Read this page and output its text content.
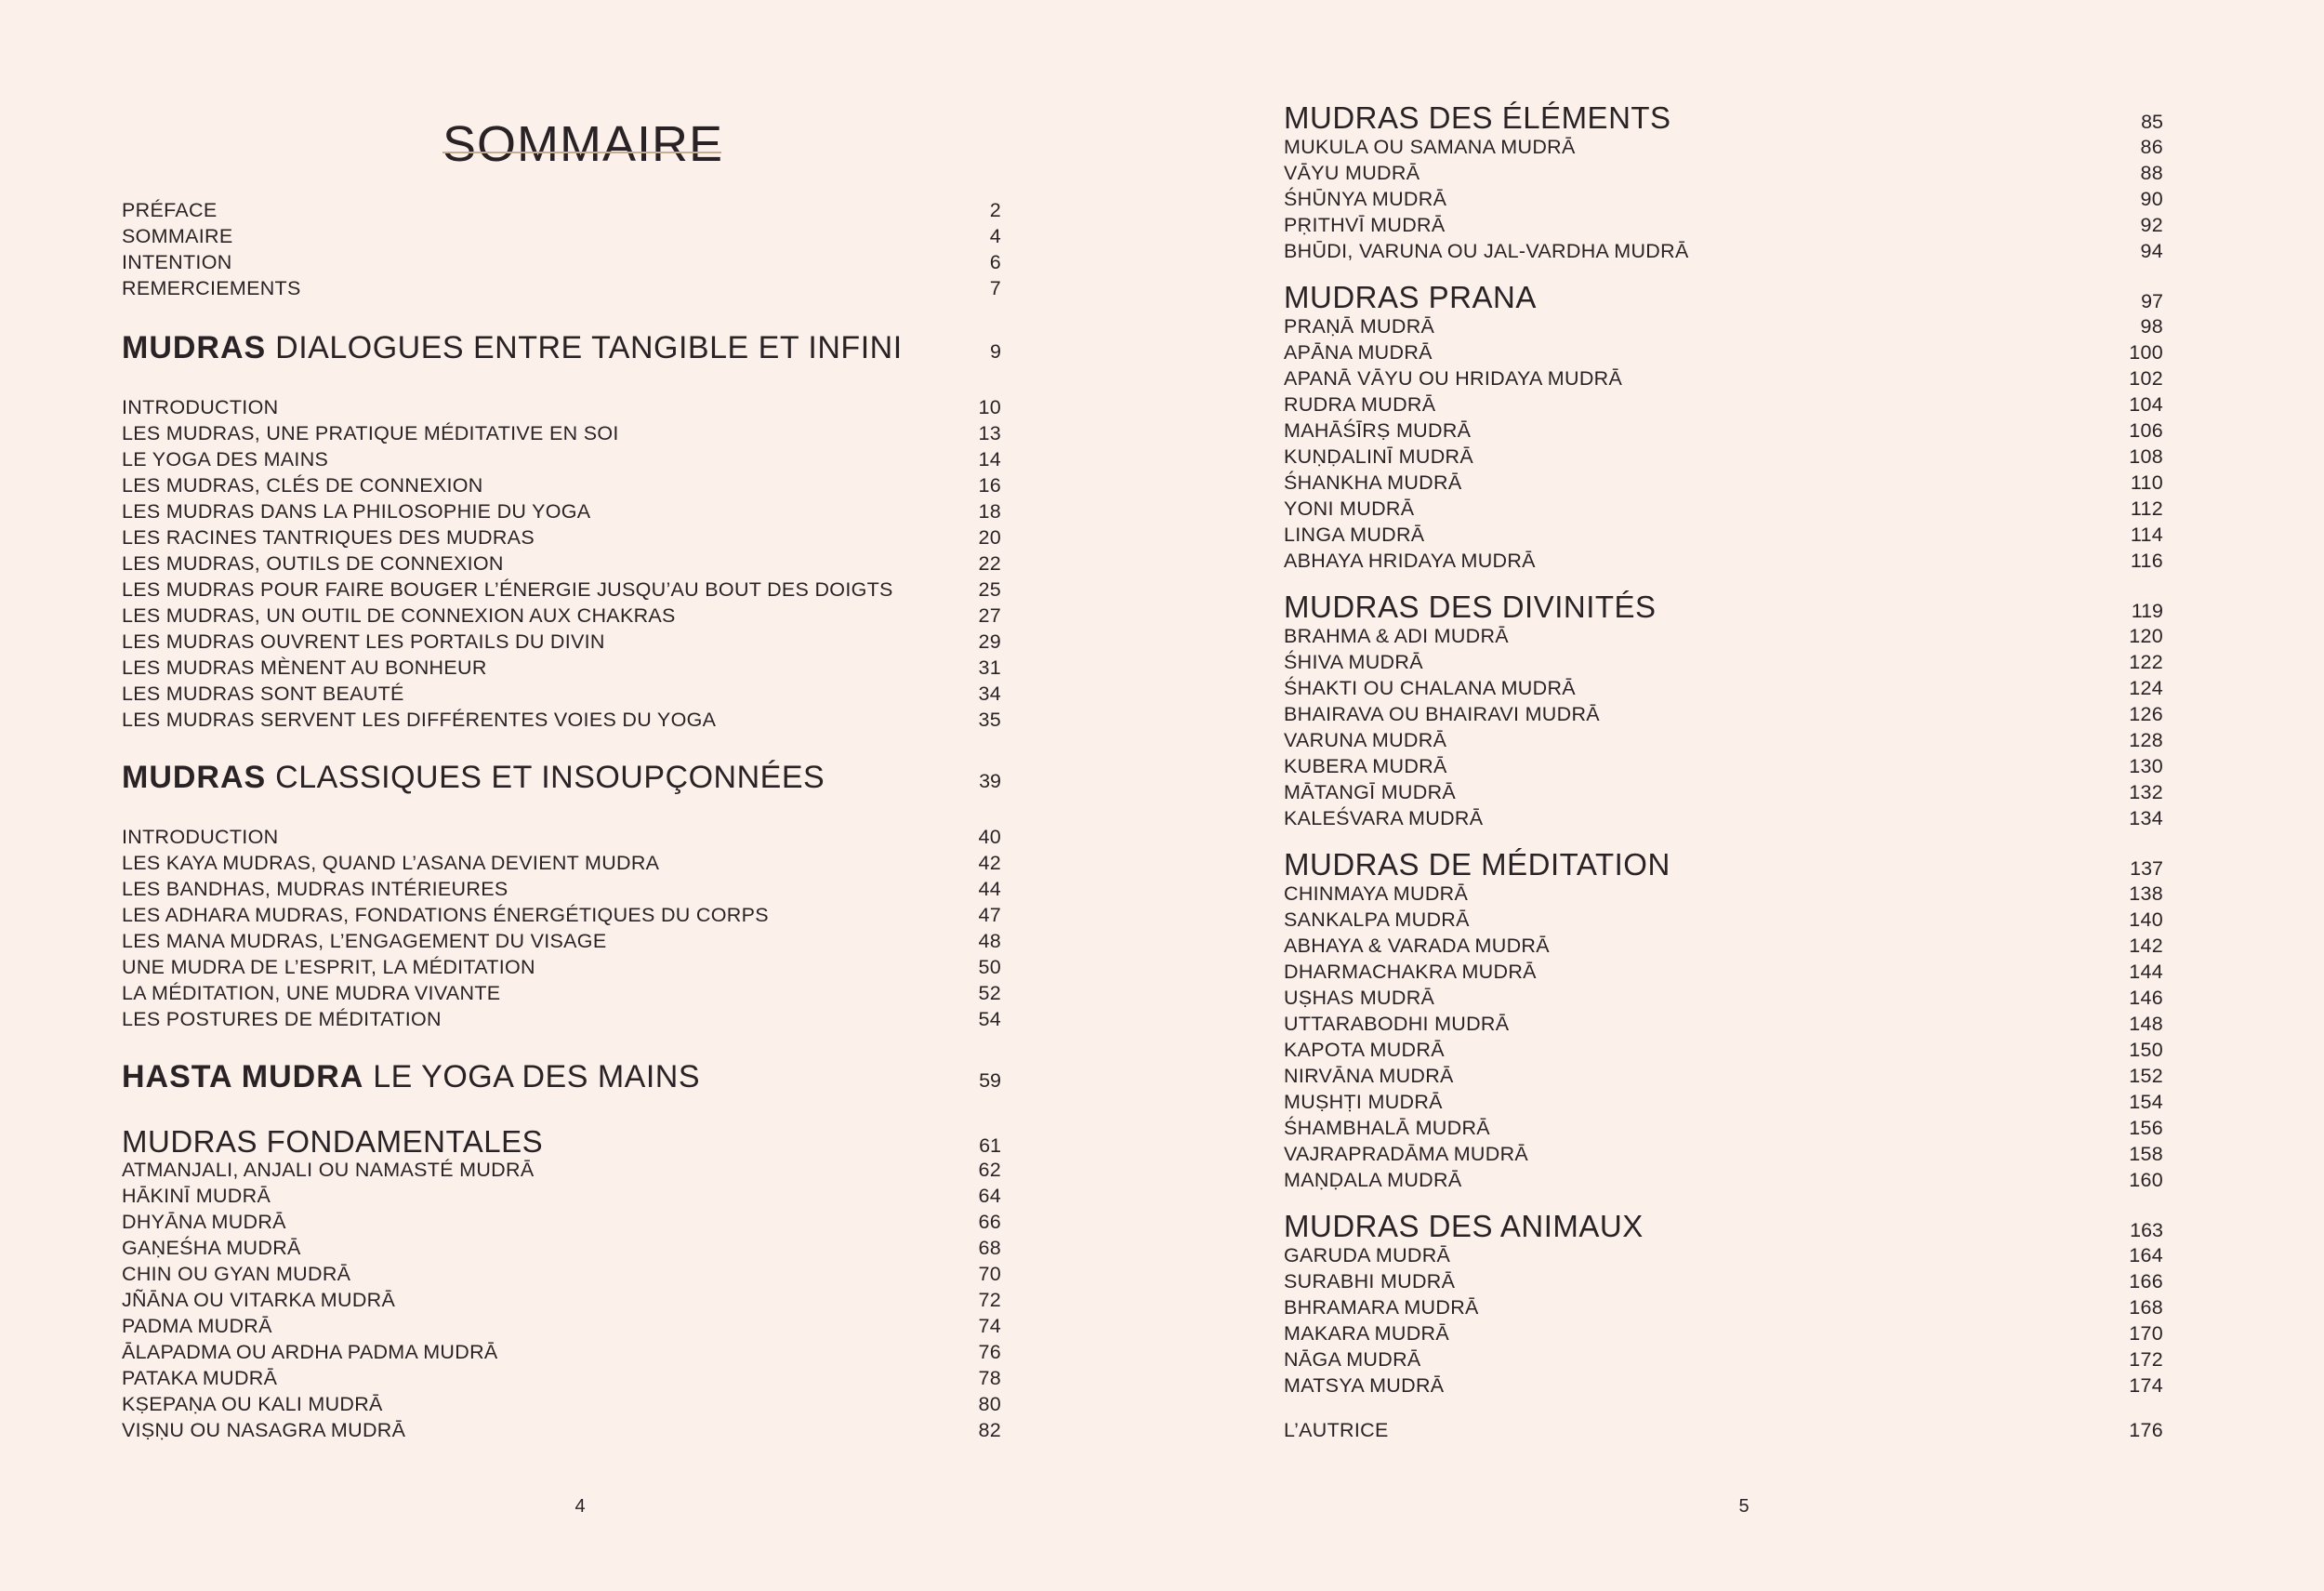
SOMMAIRE
PRÉFACE	2
SOMMAIRE	4
INTENTION	6
REMERCIEMENTS	7
MUDRAS DIALOGUES ENTRE TANGIBLE ET INFINI	9
INTRODUCTION	10
LES MUDRAS, UNE PRATIQUE MÉDITATIVE EN SOI	13
LE YOGA DES MAINS	14
LES MUDRAS, CLÉS DE CONNEXION	16
LES MUDRAS DANS LA PHILOSOPHIE DU YOGA	18
LES RACINES TANTRIQUES DES MUDRAS	20
LES MUDRAS, OUTILS DE CONNEXION	22
LES MUDRAS POUR FAIRE BOUGER L’ÉNERGIE JUSQU’AU BOUT DES DOIGTS	25
LES MUDRAS, UN OUTIL DE CONNEXION AUX CHAKRAS	27
LES MUDRAS OUVRENT LES PORTAILS DU DIVIN	29
LES MUDRAS MÈNENT AU BONHEUR	31
LES MUDRAS SONT BEAUTÉ	34
LES MUDRAS SERVENT LES DIFFÉRENTES VOIES DU YOGA	35
MUDRAS CLASSIQUES ET INSOUPÇONNÉES	39
INTRODUCTION	40
LES KAYA MUDRAS, QUAND L’ASANA DEVIENT MUDRA	42
LES BANDHAS, MUDRAS INTÉRIEURES	44
LES ADHARA MUDRAS, FONDATIONS ÉNERGÉTIQUES DU CORPS	47
LES MANA MUDRAS, L’ENGAGEMENT DU VISAGE	48
UNE MUDRA DE L’ESPRIT, LA MÉDITATION	50
LA MÉDITATION, UNE MUDRA VIVANTE	52
LES POSTURES DE MÉDITATION	54
HASTA MUDRA LE YOGA DES MAINS	59
MUDRAS FONDAMENTALES	61
ATMANJALI, ANJALI OU NAMASTÉ MUDRĀ	62
HĀKINĪ MUDRĀ	64
DHYĀNA MUDRĀ	66
GAṆEŚHA MUDRĀ	68
CHIN OU GYAN MUDRĀ	70
JÑĀNA OU VITARKA MUDRĀ	72
PADMA MUDRĀ	74
ĀLAPADMA OU ARDHA PADMA MUDRĀ	76
PATAKA MUDRĀ	78
KṢEPAṆA OU KALI MUDRĀ	80
VIṢṆU OU NASAGRA MUDRĀ	82
4
MUDRAS DES ÉLÉMENTS	85
MUKULA OU SAMANA MUDRĀ	86
VĀYU MUDRĀ	88
ŚHŪNYA MUDRĀ	90
PṚITHVĪ MUDRĀ	92
BHŪDI, VARUNA OU JAL-VARDHA MUDRĀ	94
MUDRAS PRANA	97
PRAṆĀ MUDRĀ	98
APĀNA MUDRĀ	100
APANĀ VĀYU OU HRIDAYA MUDRĀ	102
RUDRA MUDRĀ	104
MAHĀŚĪRṢ MUDRĀ	106
KUṆḌALINĪ MUDRĀ	108
ŚHANKHA MUDRĀ	110
YONI MUDRĀ	112
LINGA MUDRĀ	114
ABHAYA HRIDAYA MUDRĀ	116
MUDRAS DES DIVINITÉS	119
BRAHMA & ADI MUDRĀ	120
ŚHIVA MUDRĀ	122
ŚHAKTI OU CHALANA MUDRĀ	124
BHAIRAVA OU BHAIRAVI MUDRĀ	126
VARUNA MUDRĀ	128
KUBERA MUDRĀ	130
MĀTANGĪ MUDRĀ	132
KALEŚVARA MUDRĀ	134
MUDRAS DE MÉDITATION	137
CHINMAYA MUDRĀ	138
SANKALPA MUDRĀ	140
ABHAYA & VARADA MUDRĀ	142
DHARMACHAKRA MUDRĀ	144
UṢHAS MUDRĀ	146
UTTARABODHI MUDRĀ	148
KAPOTA MUDRĀ	150
NIRVĀNA MUDRĀ	152
MUṢHṬI MUDRĀ	154
ŚHAMBHALĀ MUDRĀ	156
VAJRAPRADĀMA MUDRĀ	158
MAṆḌALA MUDRĀ	160
MUDRAS DES ANIMAUX	163
GARUDA MUDRĀ	164
SURABHI MUDRĀ	166
BHRAMARA MUDRĀ	168
MAKARA MUDRĀ	170
NĀGA MUDRĀ	172
MATSYA MUDRĀ	174
L’AUTRICE	176
5
